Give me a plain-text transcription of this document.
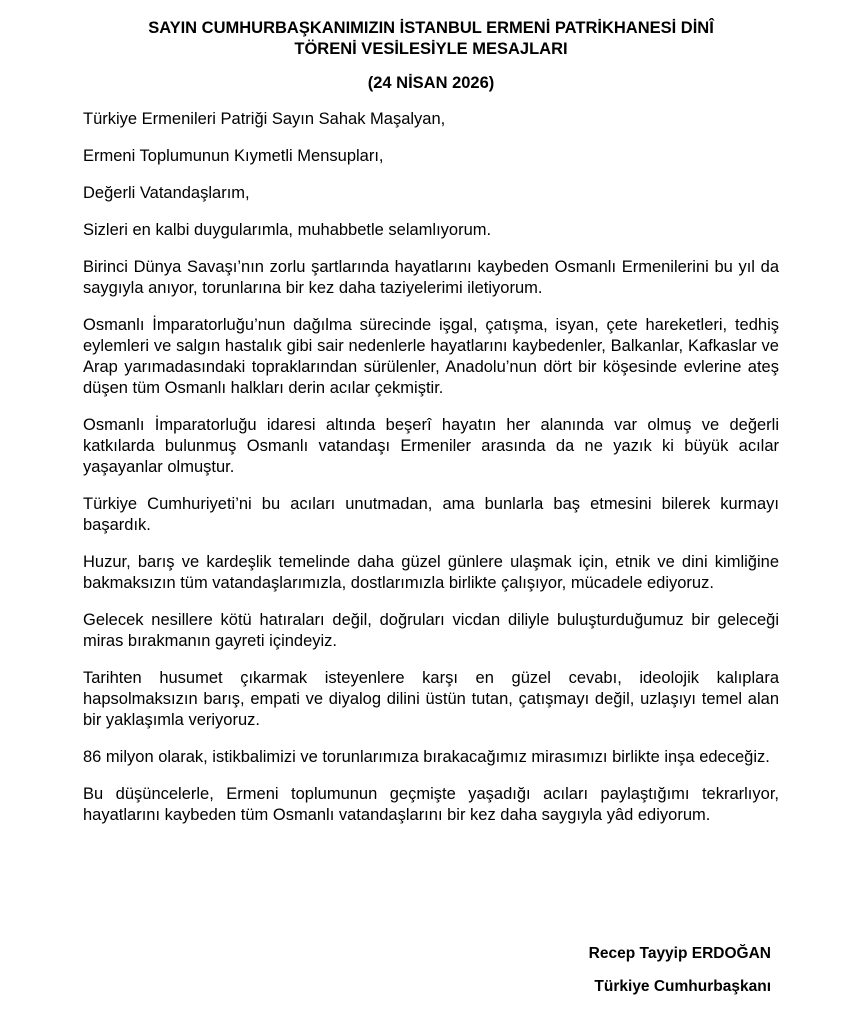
SAYIN CUMHURBAŞKANIMIZIN İSTANBUL ERMENİ PATRİKHANESİ DİNÎ
TÖRENİ VESİLESİYLE MESAJLARI

(24 NİSAN 2026)

Türkiye Ermenileri Patriği Sayın Sahak Maşalyan,

Ermeni Toplumunun Kıymetli Mensupları,

Değerli Vatandaşlarım,

Sizleri en kalbi duygularımla, muhabbetle selamlıyorum.

Birinci Dünya Savaşı’nın zorlu şartlarında hayatlarını kaybeden Osmanlı Ermenilerini bu yıl da saygıyla anıyor, torunlarına bir kez daha taziyelerimi iletiyorum.

Osmanlı İmparatorluğu’nun dağılma sürecinde işgal, çatışma, isyan, çete hareketleri, tedhiş eylemleri ve salgın hastalık gibi sair nedenlerle hayatlarını kaybedenler, Balkanlar, Kafkaslar ve Arap yarımadasındaki topraklarından sürülenler, Anadolu’nun dört bir köşesinde evlerine ateş düşen tüm Osmanlı halkları derin acılar çekmiştir.

Osmanlı İmparatorluğu idaresi altında beşerî hayatın her alanında var olmuş ve değerli katkılarda bulunmuş Osmanlı vatandaşı Ermeniler arasında da ne yazık ki büyük acılar yaşayanlar olmuştur.

Türkiye Cumhuriyeti’ni bu acıları unutmadan, ama bunlarla baş etmesini bilerek kurmayı başardık.

Huzur, barış ve kardeşlik temelinde daha güzel günlere ulaşmak için, etnik ve dini kimliğine bakmaksızın tüm vatandaşlarımızla, dostlarımızla birlikte çalışıyor, mücadele ediyoruz.

Gelecek nesillere kötü hatıraları değil, doğruları vicdan diliyle buluşturduğumuz bir geleceği miras bırakmanın gayreti içindeyiz.

Tarihten husumet çıkarmak isteyenlere karşı en güzel cevabı, ideolojik kalıplara hapsolmaksızın barış, empati ve diyalog dilini üstün tutan, çatışmayı değil, uzlaşıyı temel alan bir yaklaşımla veriyoruz.

86 milyon olarak, istikbalimizi ve torunlarımıza bırakacağımız mirasımızı birlikte inşa edeceğiz.

Bu düşüncelerle, Ermeni toplumunun geçmişte yaşadığı acıları paylaştığımı tekrarlıyor, hayatlarını kaybeden tüm Osmanlı vatandaşlarını bir kez daha saygıyla yâd ediyorum.

Recep Tayyip ERDOĞAN
Türkiye Cumhurbaşkanı
